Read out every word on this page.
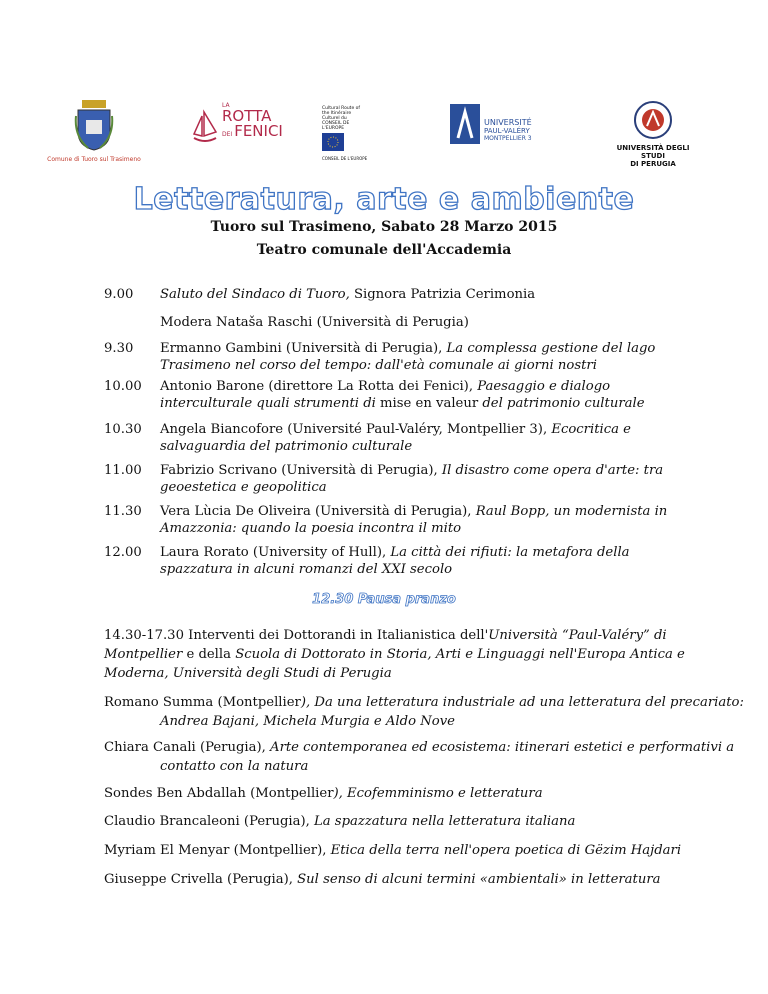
Comune di Tuoro sul Trasimeno
LA
ROTTA
DEI FENICI
Cultural Route of the Itinéraire Culturel du CONSEIL DE L'EUROPE
CONSEIL DE L'EUROPE
UNIVERSITÉ
PAUL-VALÉRY
MONTPELLIER 3
UNIVERSITÀ DEGLI STUDI
DI PERUGIA
Letteratura, arte e ambiente
Tuoro sul Trasimeno, Sabato 28 Marzo 2015
Teatro comunale dell'Accademia
9.00	Saluto del Sindaco di Tuoro, Signora Patrizia Cerimonia
Modera Nataša Raschi (Università di Perugia)
9.30	Ermanno Gambini (Università di Perugia), La complessa gestione del lago Trasimeno nel corso del tempo: dall'età comunale ai giorni nostri
10.00	Antonio Barone (direttore La Rotta dei Fenici), Paesaggio e dialogo interculturale quali strumenti di mise en valeur del patrimonio culturale
10.30	Angela Biancofore (Université Paul-Valéry, Montpellier 3), Ecocritica e salvaguardia del patrimonio culturale
11.00	Fabrizio Scrivano (Università di Perugia), Il disastro come opera d'arte: tra geoestetica e geopolitica
11.30	Vera Lùcia De Oliveira (Università di Perugia), Raul Bopp, un modernista in Amazzonia: quando la poesia incontra il mito
12.00	Laura Rorato (University of Hull), La città dei rifiuti: la metafora della spazzatura in alcuni romanzi del XXI secolo
12.30 Pausa pranzo
14.30-17.30 Interventi dei Dottorandi in Italianistica dell'Università “Paul-Valéry” di Montpellier e della Scuola di Dottorato in Storia, Arti e Linguaggi nell'Europa Antica e Moderna, Università degli Studi di Perugia
Romano Summa (Montpellier), Da una letteratura industriale ad una letteratura del precariato: Andrea Bajani, Michela Murgia e Aldo Nove
Chiara Canali (Perugia), Arte contemporanea ed ecosistema: itinerari estetici e performativi a contatto con la natura
Sondes Ben Abdallah (Montpellier), Ecofemminismo e letteratura
Claudio Brancaleoni (Perugia), La spazzatura nella letteratura italiana
Myriam El Menyar (Montpellier), Etica della terra nell'opera poetica di Gëzim Hajdari
Giuseppe Crivella (Perugia), Sul senso di alcuni termini «ambientali» in letteratura
